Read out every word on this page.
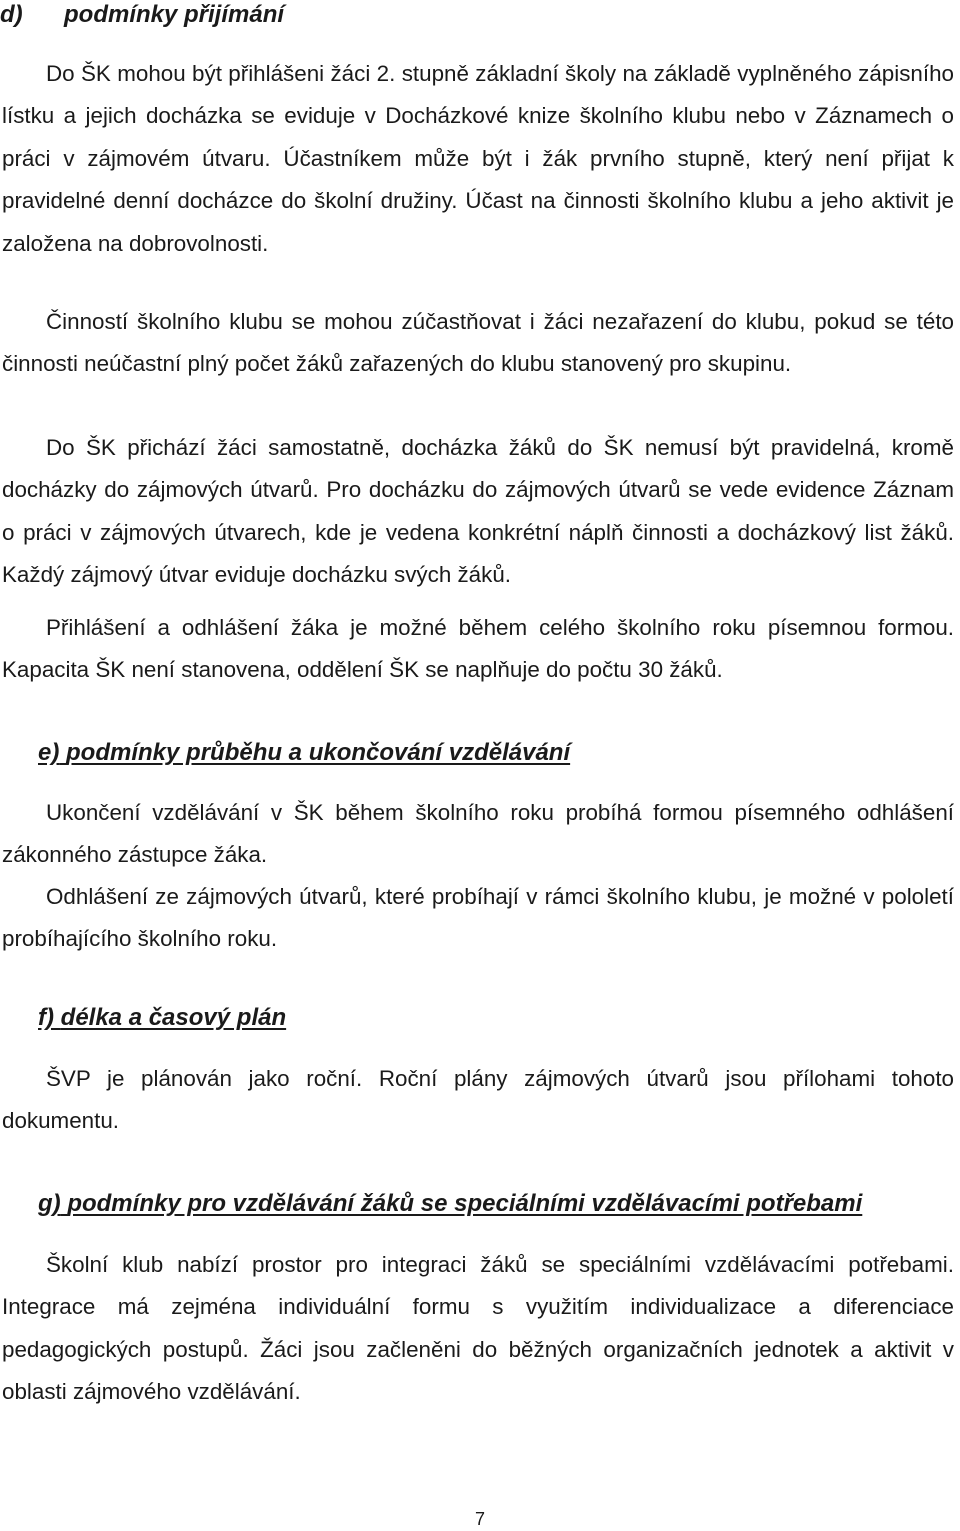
d) podmínky přijímání

Do ŠK mohou být přihlášeni žáci 2. stupně základní školy na základě vyplněného zápisního lístku a jejich docházka se eviduje v Docházkové knize školního klubu nebo v Záznamech o práci v zájmovém útvaru. Účastníkem může být i žák prvního stupně, který není přijat k pravidelné denní docházce do školní družiny. Účast na činnosti školního klubu a jeho aktivit je založena na dobrovolnosti.

Činností školního klubu se mohou zúčastňovat i žáci nezařazení do klubu, pokud se této činnosti neúčastní plný počet žáků zařazených do klubu stanovený pro skupinu.

Do ŠK přichází žáci samostatně, docházka žáků do ŠK nemusí být pravidelná, kromě docházky do zájmových útvarů. Pro docházku do zájmových útvarů se vede evidence Záznam o práci v zájmových útvarech, kde je vedena konkrétní náplň činnosti a docházkový list žáků. Každý zájmový útvar eviduje docházku svých žáků.

Přihlášení a odhlášení žáka je možné během celého školního roku písemnou formou. Kapacita ŠK není stanovena, oddělení ŠK se naplňuje do počtu 30 žáků.

e) podmínky průběhu a ukončování vzdělávání

Ukončení vzdělávání v ŠK během školního roku probíhá formou písemného odhlášení zákonného zástupce žáka.

Odhlášení ze zájmových útvarů, které probíhají v rámci školního klubu, je možné v pololetí probíhajícího školního roku.

f) délka a časový plán

ŠVP je plánován jako roční. Roční plány zájmových útvarů jsou přílohami tohoto dokumentu.

g) podmínky pro vzdělávání žáků se speciálními vzdělávacími potřebami

Školní klub nabízí prostor pro integraci žáků se speciálními vzdělávacími potřebami. Integrace má zejména individuální formu s využitím individualizace a diferenciace pedagogických postupů. Žáci jsou začleněni do běžných organizačních jednotek a aktivit v oblasti zájmového vzdělávání.

7
